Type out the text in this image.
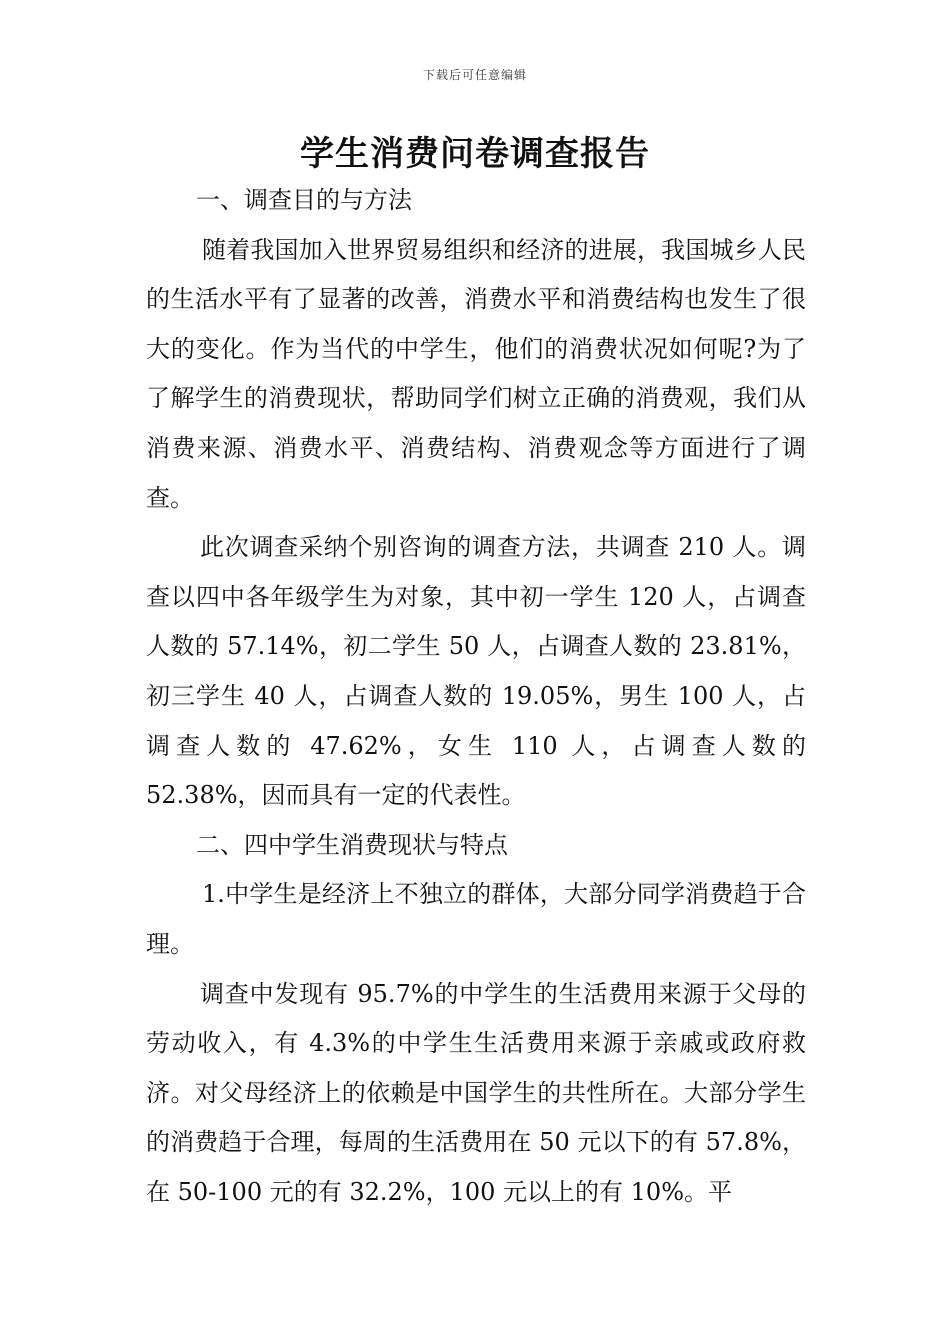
下载后可任意编辑
学生消费问卷调查报告

一、调查目的与方法

随着我国加入世界贸易组织和经济的进展，我国城乡人民的生活水平有了显著的改善，消费水平和消费结构也发生了很大的变化。作为当代的中学生，他们的消费状况如何呢?为了了解学生的消费现状，帮助同学们树立正确的消费观，我们从消费来源、消费水平、消费结构、消费观念等方面进行了调查。

此次调查采纳个别咨询的调查方法，共调查 210 人。调查以四中各年级学生为对象，其中初一学生 120 人，占调查人数的 57.14%，初二学生 50 人，占调查人数的 23.81%，初三学生 40 人，占调查人数的 19.05%，男生 100 人，占调查人数的 47.62%，女生 110 人，占调查人数的 52.38%，因而具有一定的代表性。

二、四中学生消费现状与特点

1.中学生是经济上不独立的群体，大部分同学消费趋于合理。

调查中发现有 95.7%的中学生的生活费用来源于父母的劳动收入，有 4.3%的中学生生活费用来源于亲戚或政府救济。对父母经济上的依赖是中国学生的共性所在。大部分学生的消费趋于合理，每周的生活费用在 50 元以下的有 57.8%，在 50-100 元的有 32.2%，100 元以上的有 10%。平
